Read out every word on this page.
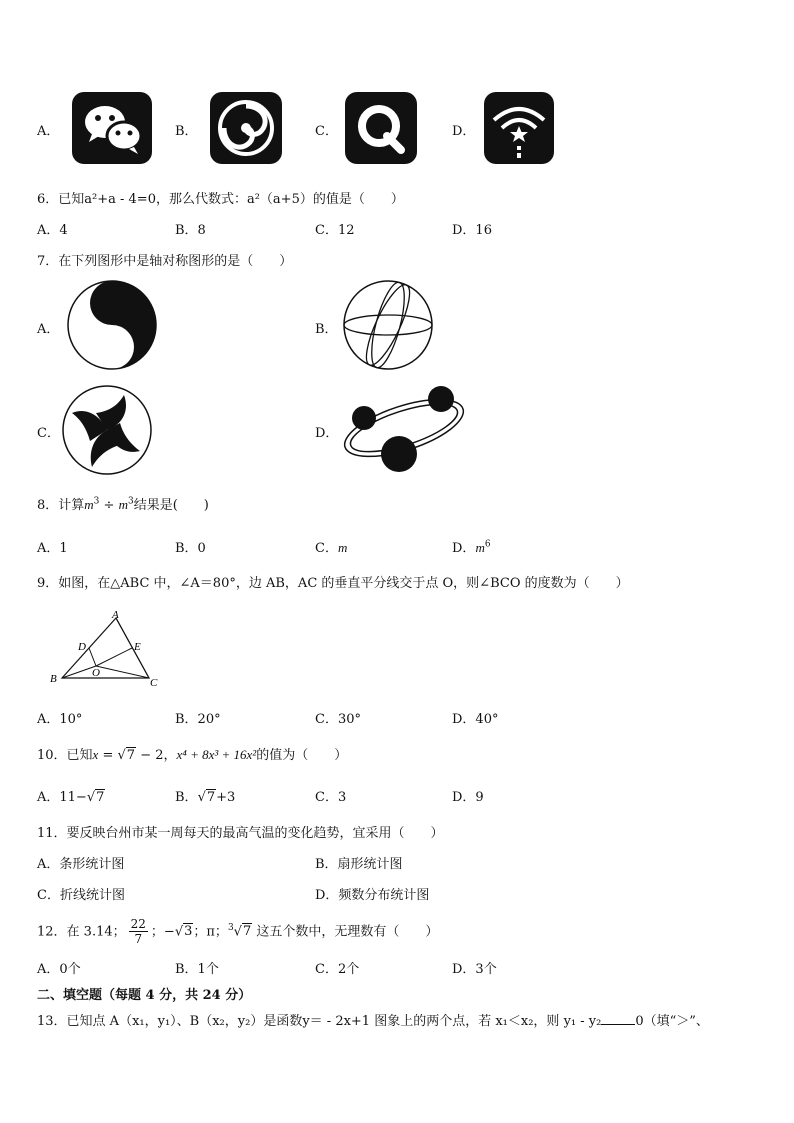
A．	B．	C．	D．
6．已知a²+a - 4=0，那么代数式：a²（a+5）的值是（　　）
A．4	B．8	C．12	D．16
7．在下列图形中是轴对称图形的是（　　）
A．	B．
C．	D．
8．计算$m^3 \div m^3$结果是(　　)
A．1	B．0	C．m	D．$m^6$
9．如图，在△ABC 中，∠A＝80°，边 AB，AC 的垂直平分线交于点 O，则∠BCO 的度数为（　　）
A
D	E
O
B	C
A．10°	B．20°	C．30°	D．40°
10．已知x = √7 − 2，x⁴ + 8x³ + 16x²的值为（　　）
A．11−√7	B．√7+3	C．3	D．9
11．要反映台州市某一周每天的最高气温的变化趋势，宜采用（　　）
A．条形统计图	B．扇形统计图
C．折线统计图	D．频数分布统计图
12．在 3.14； $\frac{22}{7}$ ；−√3；π；$^3$√7 这五个数中，无理数有（　　）
A．0个	B．1个	C．2个	D．3个
二、填空题（每题 4 分，共 24 分）
13．已知点 A（x₁，y₁）、B（x₂，y₂）是函数y＝ - 2x+1 图象上的两个点，若 x₁＜x₂，则 y₁ - y₂	0（填“＞”、
